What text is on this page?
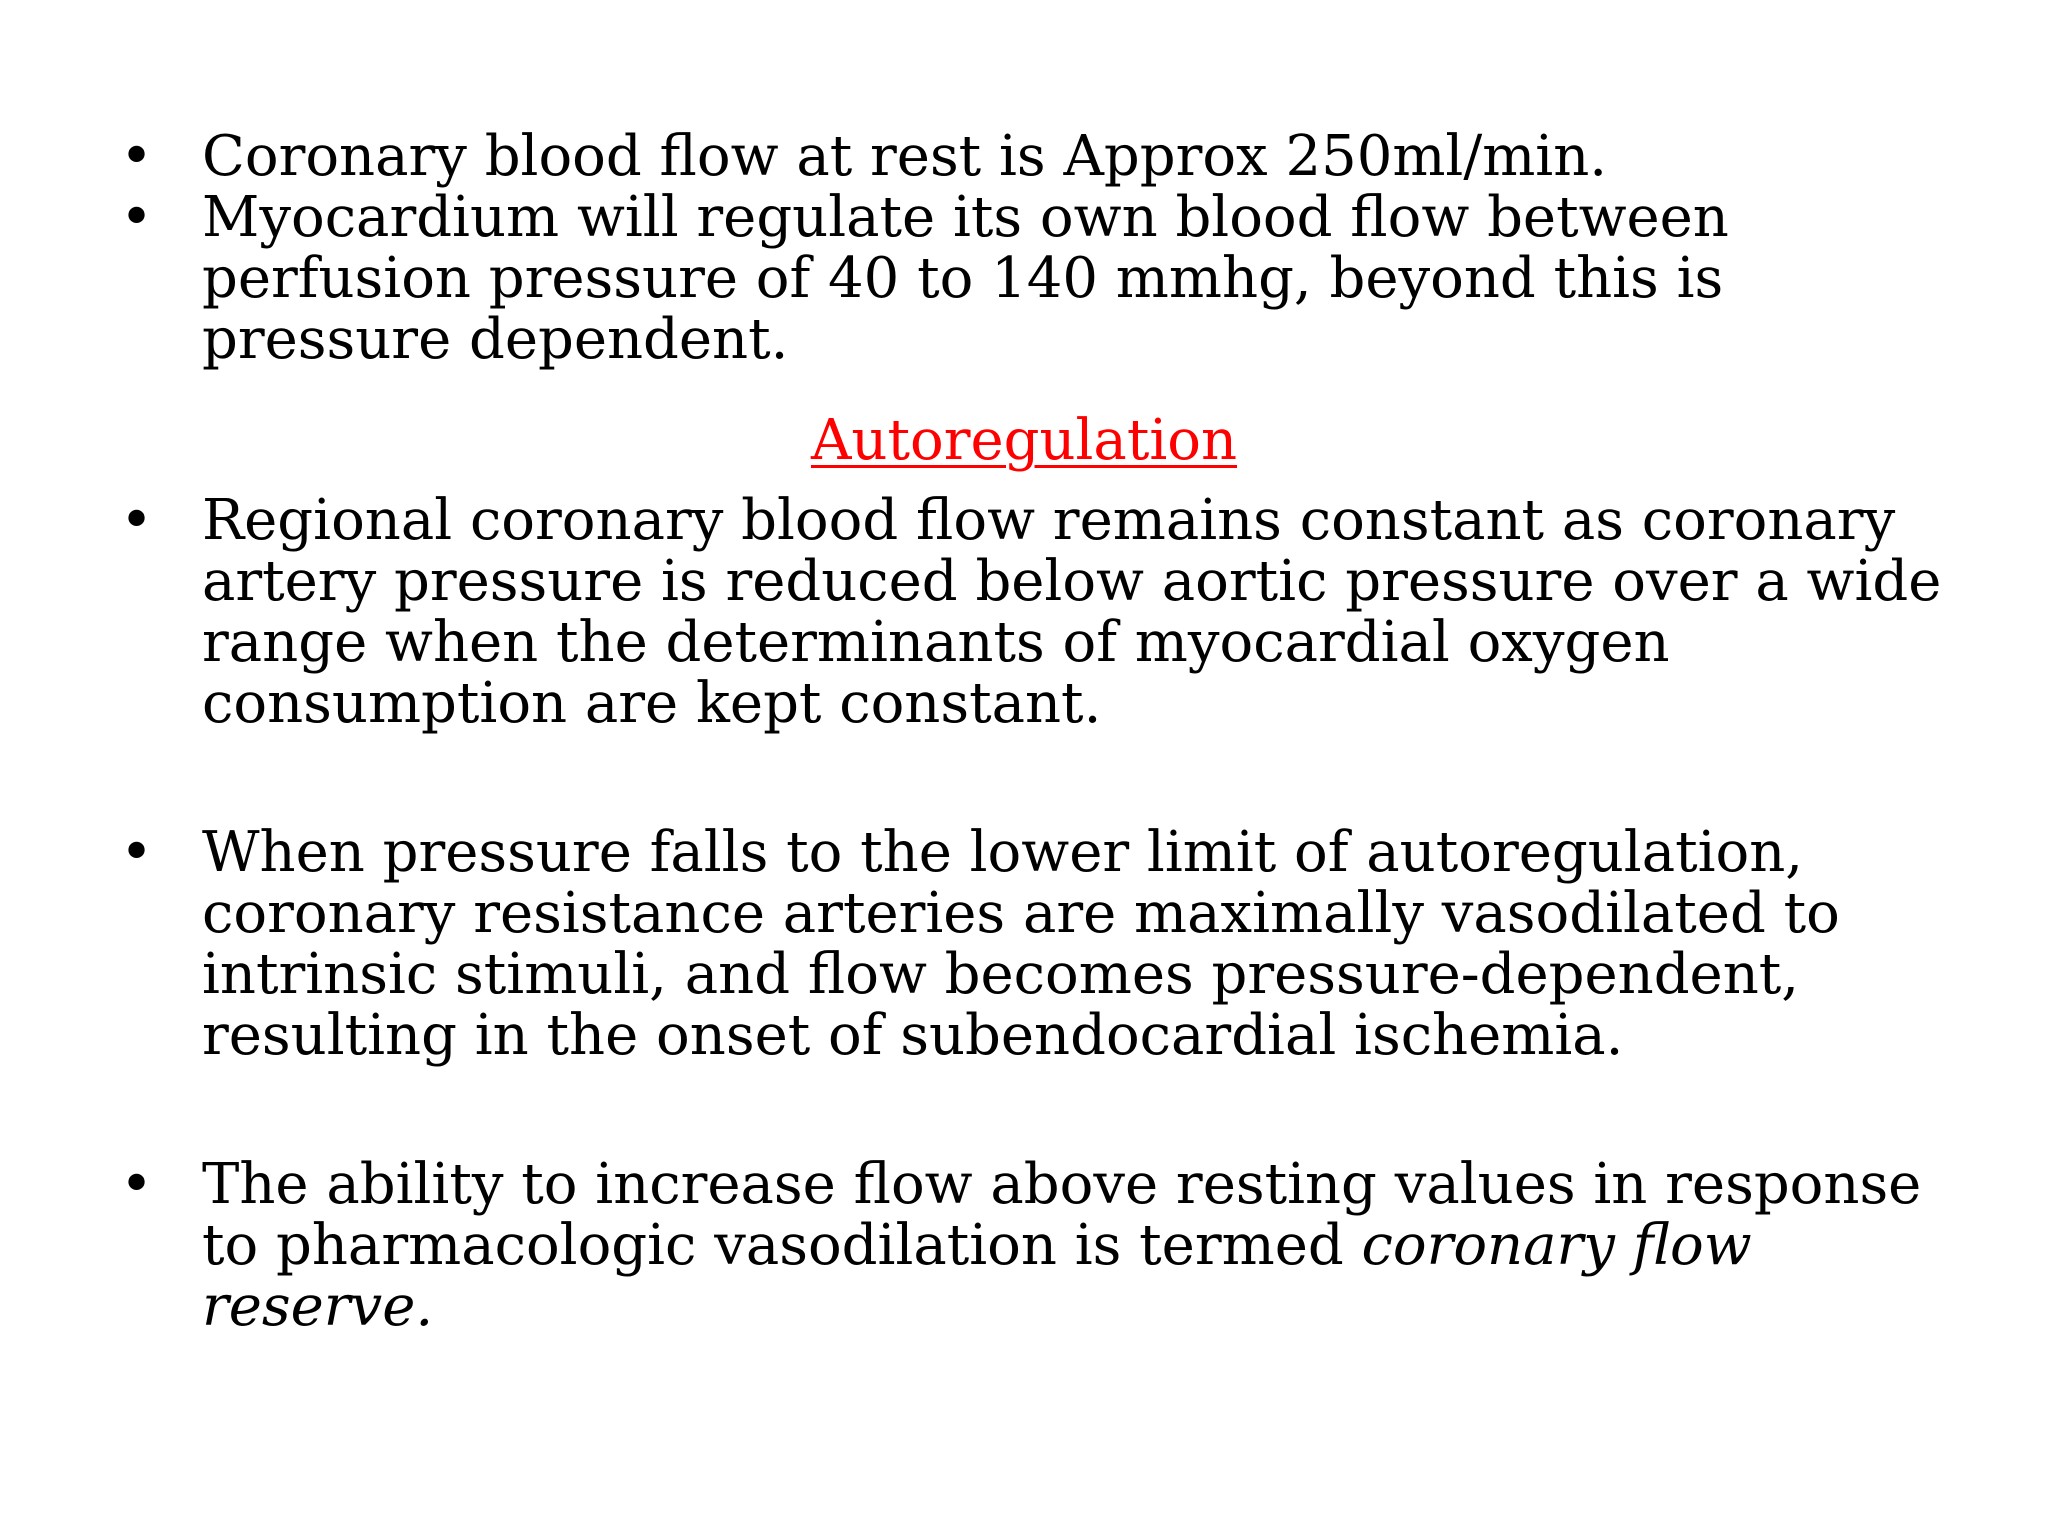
• Coronary blood flow at rest is Approx 250ml/min.
• Myocardium will regulate its own blood flow between perfusion pressure of 40 to 140 mmhg, beyond this is pressure dependent.
Autoregulation
• Regional coronary blood flow remains constant as coronary artery pressure is reduced below aortic pressure over a wide range when the determinants of myocardial oxygen consumption are kept constant.
• When pressure falls to the lower limit of autoregulation, coronary resistance arteries are maximally vasodilated to intrinsic stimuli, and flow becomes pressure-dependent, resulting in the onset of subendocardial ischemia.
• The ability to increase flow above resting values in response to pharmacologic vasodilation is termed coronary flow reserve.
